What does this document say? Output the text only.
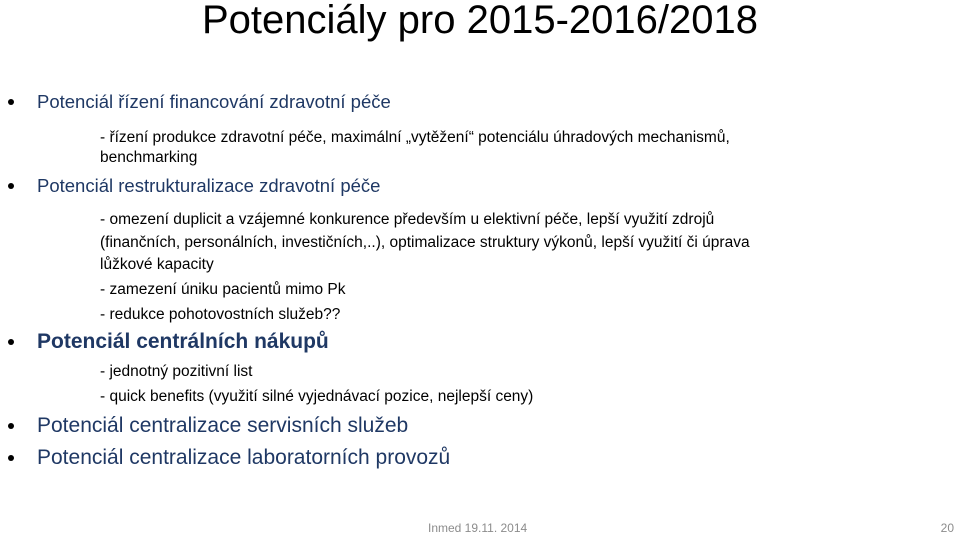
Potenciály pro 2015-2016/2018

Potenciál řízení financování zdravotní péče

- řízení produkce zdravotní péče, maximální „vytěžení“ potenciálu úhradových mechanismů,

benchmarking

Potenciál restrukturalizace zdravotní péče

- omezení duplicit a vzájemné konkurence především u elektivní péče, lepší využití zdrojů

(finančních, personálních, investičních,..), optimalizace struktury výkonů, lepší využití či úprava

lůžkové kapacity

- zamezení úniku pacientů mimo Pk

- redukce pohotovostních služeb??

Potenciál centrálních nákupů

- jednotný pozitivní list

- quick benefits (využití silné vyjednávací pozice, nejlepší ceny)

Potenciál centralizace servisních služeb

Potenciál centralizace laboratorních provozů

Inmed 19.11. 2014	20
